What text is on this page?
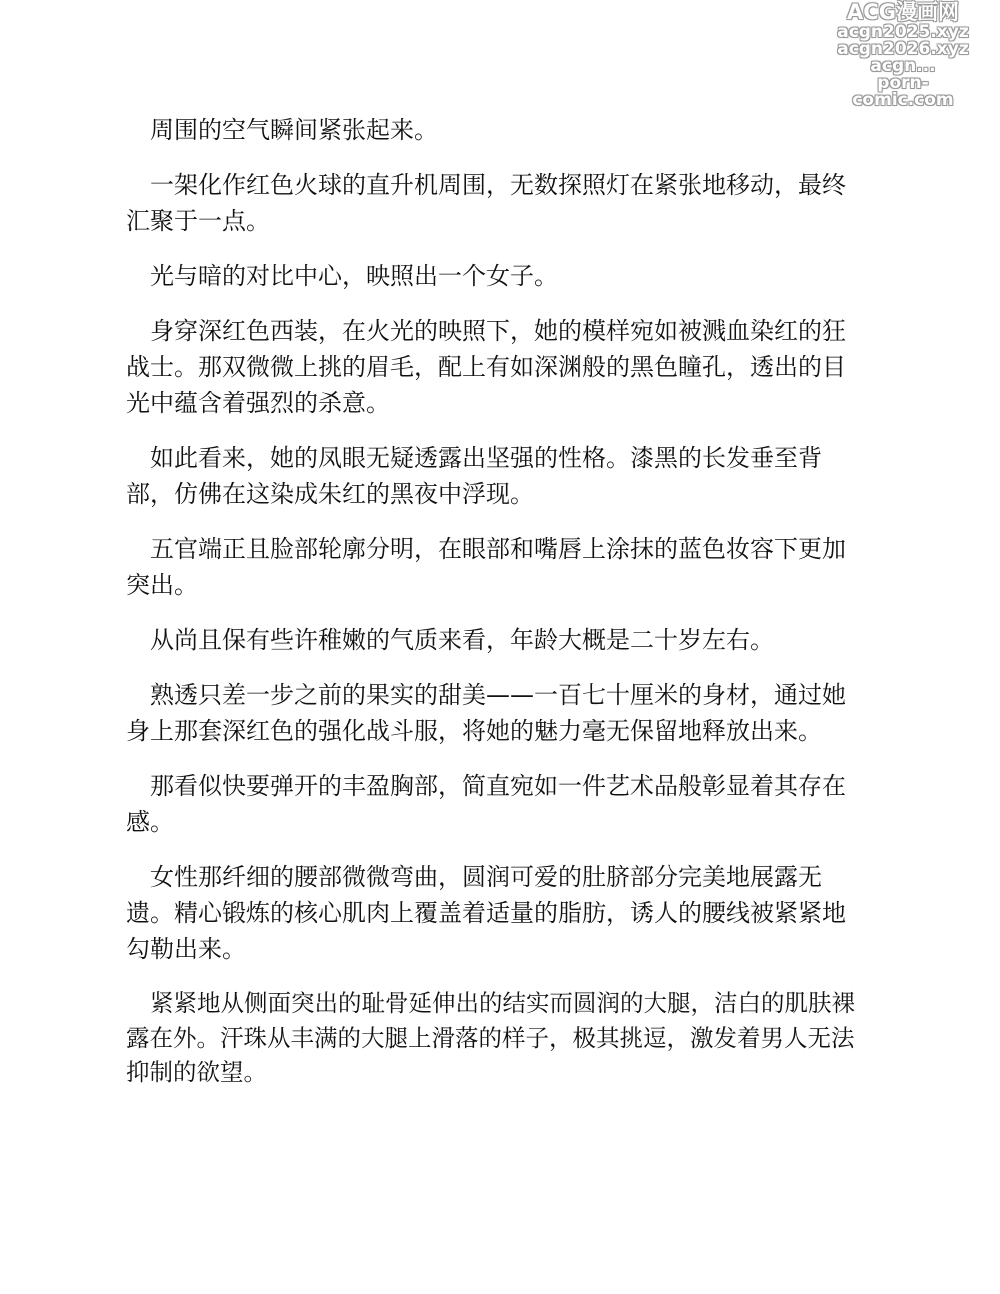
ACG漫画网
acgn2025.xyz
acgn2026.xyz
acgn...
porn-comic.com

周围的空气瞬间紧张起来。

一架化作红色火球的直升机周围，无数探照灯在紧张地移动，最终汇聚于一点。

光与暗的对比中心，映照出一个女子。

身穿深红色西装，在火光的映照下，她的模样宛如被溅血染红的狂战士。那双微微上挑的眉毛，配上有如深渊般的黑色瞳孔，透出的目光中蕴含着强烈的杀意。

如此看来，她的凤眼无疑透露出坚强的性格。漆黑的长发垂至背部，仿佛在这染成朱红的黑夜中浮现。

五官端正且脸部轮廓分明，在眼部和嘴唇上涂抹的蓝色妆容下更加突出。

从尚且保有些许稚嫩的气质来看，年龄大概是二十岁左右。

熟透只差一步之前的果实的甜美——一百七十厘米的身材，通过她身上那套深红色的强化战斗服，将她的魅力毫无保留地释放出来。

那看似快要弹开的丰盈胸部，简直宛如一件艺术品般彰显着其存在感。

女性那纤细的腰部微微弯曲，圆润可爱的肚脐部分完美地展露无遗。精心锻炼的核心肌肉上覆盖着适量的脂肪，诱人的腰线被紧紧地勾勒出来。

紧紧地从侧面突出的耻骨延伸出的结实而圆润的大腿，洁白的肌肤裸露在外。汗珠从丰满的大腿上滑落的样子，极其挑逗，激发着男人无法抑制的欲望。
